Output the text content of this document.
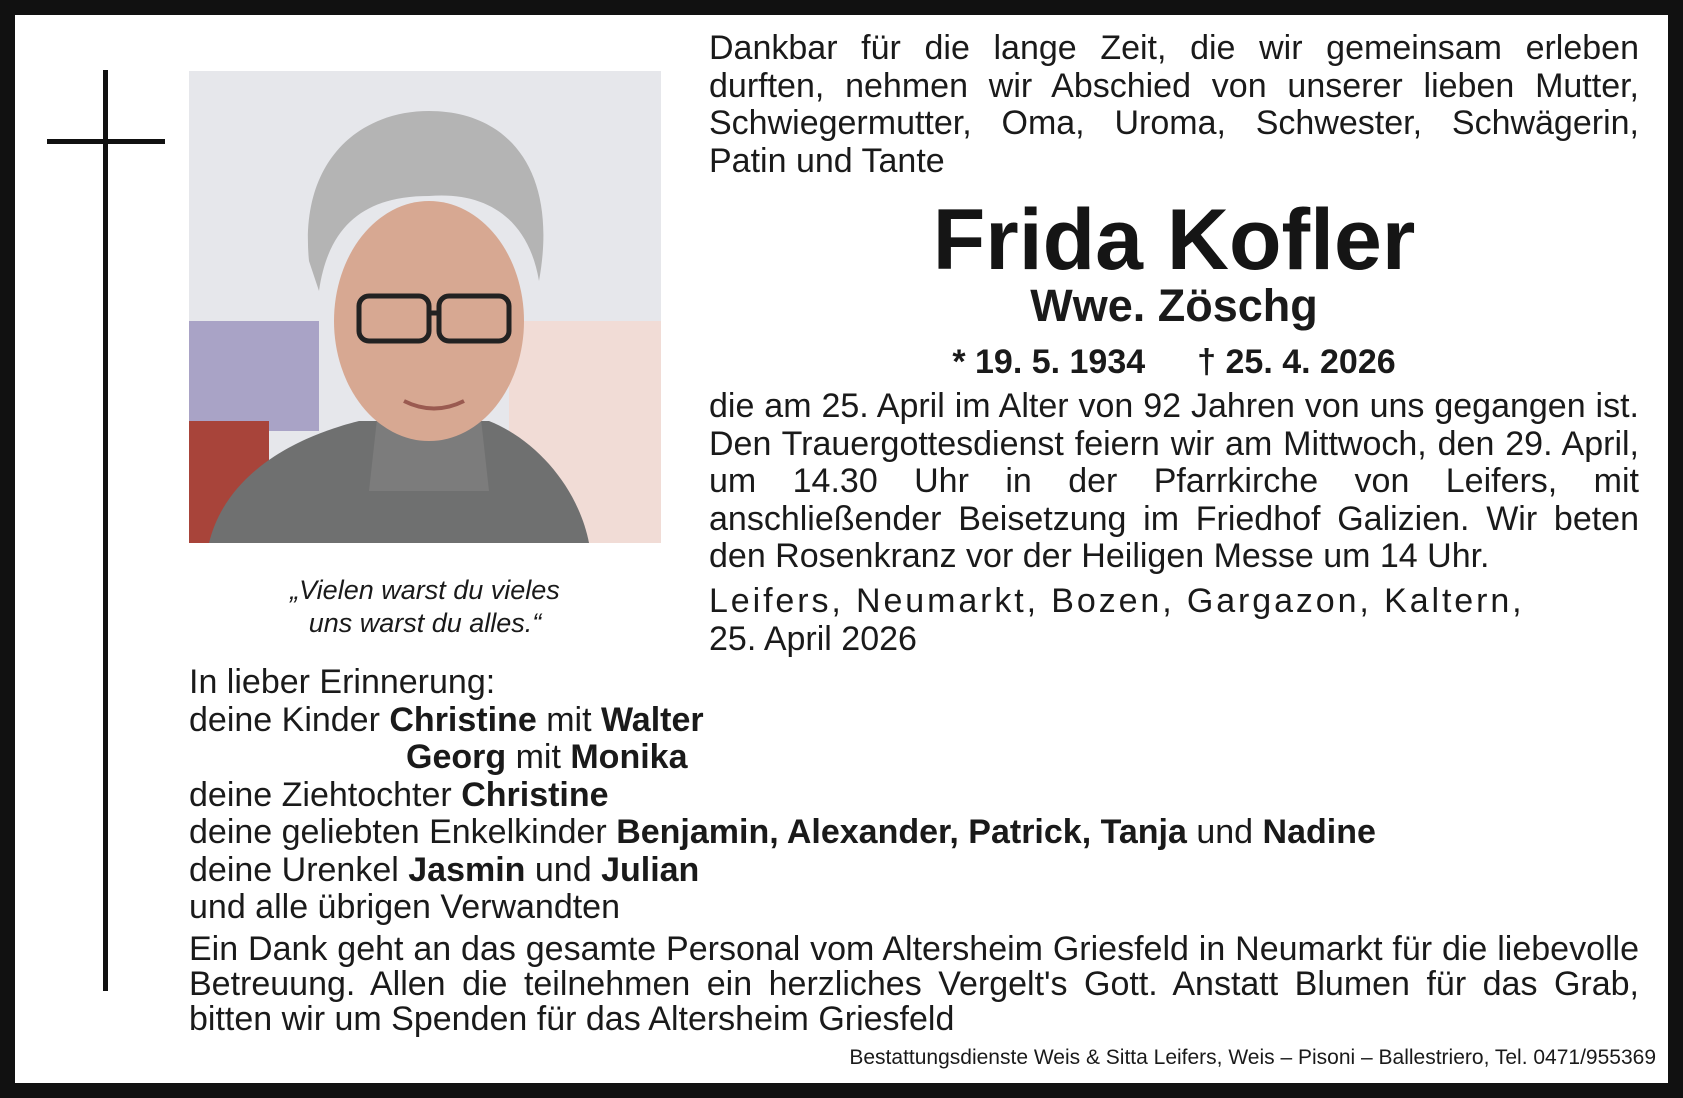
„Vielen warst du vieles
uns warst du alles.“
Dankbar für die lange Zeit, die wir gemeinsam erleben durften, nehmen wir Abschied von unserer lieben Mutter, Schwiegermutter, Oma, Uroma, Schwester, Schwägerin, Patin und Tante
Frida Kofler
Wwe. Zöschg
* 19. 5. 1934 † 25. 4. 2026
die am 25. April im Alter von 92 Jahren von uns gegangen ist. Den Trauergottesdienst feiern wir am Mittwoch, den 29. April, um 14.30 Uhr in der Pfarrkirche von Leifers, mit anschließender Beisetzung im Friedhof Galizien. Wir beten den Rosenkranz vor der Heiligen Messe um 14 Uhr.
Leifers, Neumarkt, Bozen, Gargazon, Kaltern,
25. April 2026
In lieber Erinnerung:
deine Kinder Christine mit Walter
Georg mit Monika
deine Ziehtochter Christine
deine geliebten Enkelkinder Benjamin, Alexander, Patrick, Tanja und Nadine
deine Urenkel Jasmin und Julian
und alle übrigen Verwandten
Ein Dank geht an das gesamte Personal vom Altersheim Griesfeld in Neumarkt für die liebevolle Betreuung. Allen die teilnehmen ein herzliches Vergelt's Gott. Anstatt Blumen für das Grab, bitten wir um Spenden für das Altersheim Griesfeld
Bestattungsdienste Weis & Sitta Leifers, Weis – Pisoni – Ballestriero, Tel. 0471/955369
